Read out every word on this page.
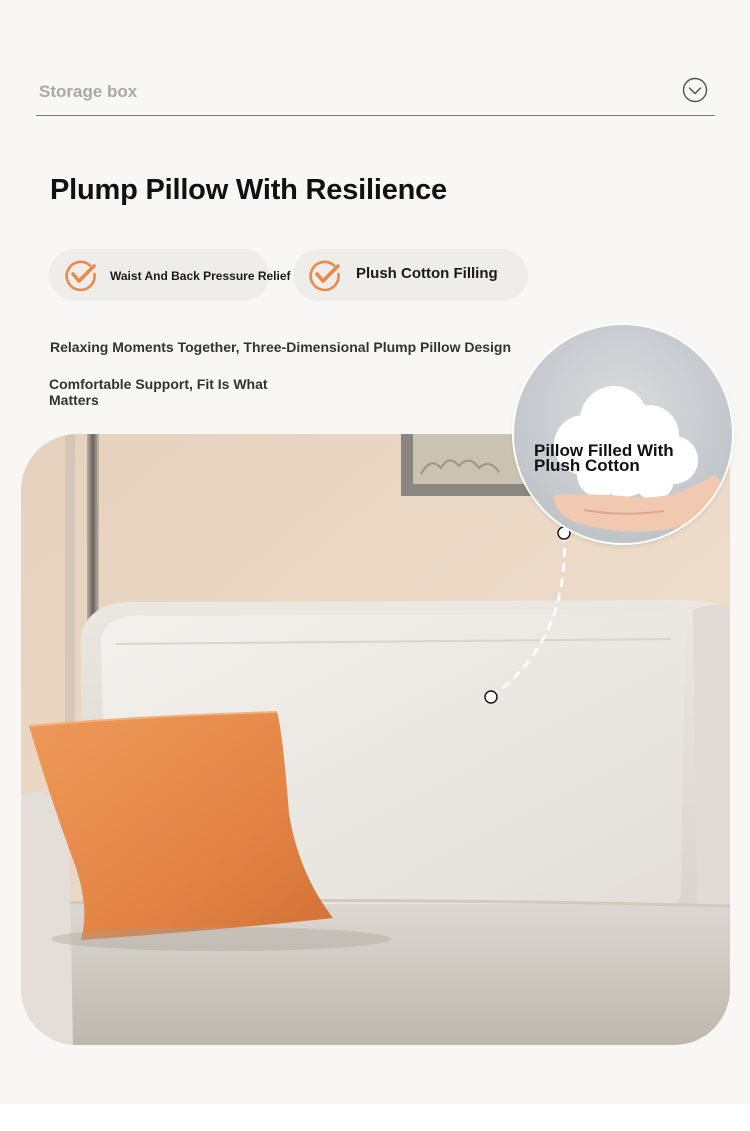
Storage box
Plump Pillow With Resilience
Waist And Back Pressure Relief	Plush Cotton Filling
Relaxing Moments Together, Three-Dimensional Plump Pillow Design
Comfortable Support, Fit Is What Matters
Pillow Filled With Plush Cotton
